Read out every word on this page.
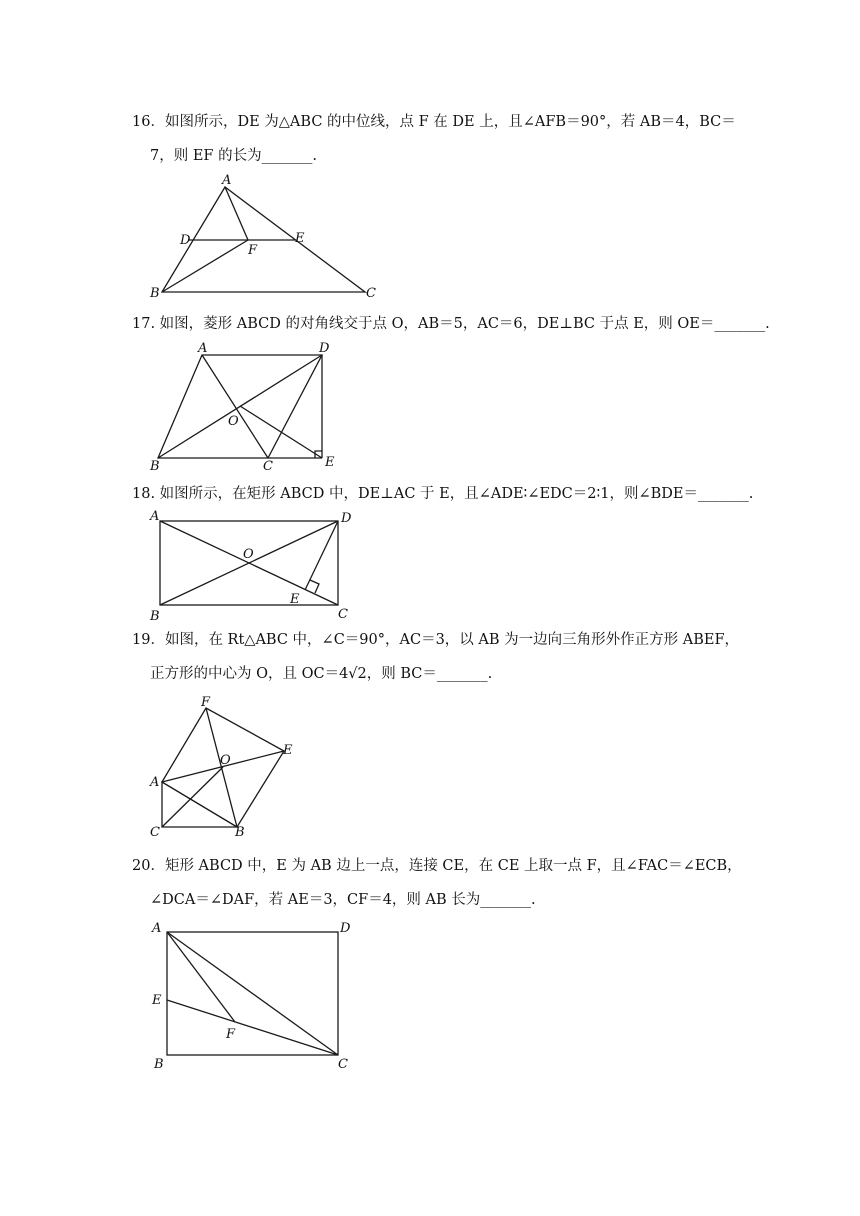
16．如图所示，DE 为△ABC 的中位线，点 F 在 DE 上，且∠AFB＝90°，若 AB＝4，BC＝
7，则 EF 的长为_______.
A
D
F
E
B	C
17. 如图，菱形 ABCD 的对角线交于点 O，AB＝5，AC＝6，DE⊥BC 于点 E，则 OE＝_______.
A	D
O
B	C	E
18. 如图所示，在矩形 ABCD 中，DE⊥AC 于 E，且∠ADE∶∠EDC＝2∶1，则∠BDE＝_______.
A	D
O
E
B	C
19．如图，在 Rt△ABC 中，∠C＝90°，AC＝3，以 AB 为一边向三角形外作正方形 ABEF，
正方形的中心为 O，且 OC＝4√2，则 BC＝_______.
F
O
E
A
C	B
20．矩形 ABCD 中，E 为 AB 边上一点，连接 CE，在 CE 上取一点 F，且∠FAC＝∠ECB，
∠DCA＝∠DAF，若 AE＝3，CF＝4，则 AB 长为_______.
A	D
E
F
B	C
